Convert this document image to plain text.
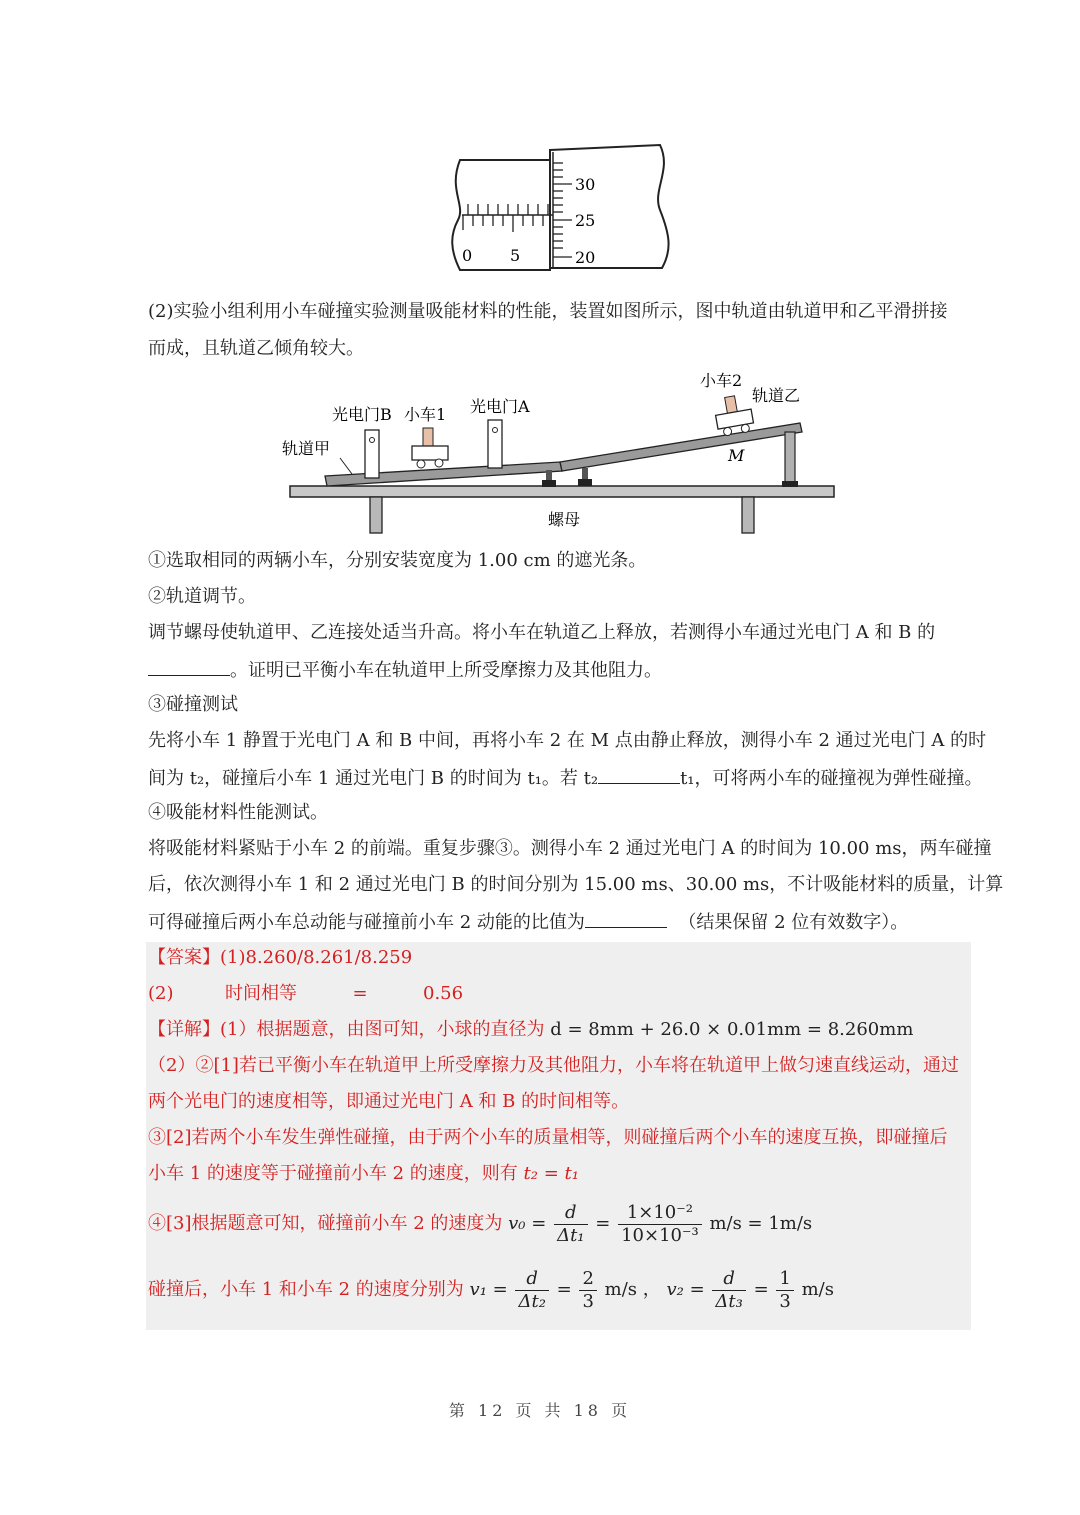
0 5
30
25
20
(2)实验小组利用小车碰撞实验测量吸能材料的性能，装置如图所示，图中轨道由轨道甲和乙平滑拼接
而成，且轨道乙倾角较大。
光电门B 小车1 光电门A
小车2
轨道乙
轨道甲	M
螺母
①选取相同的两辆小车，分别安装宽度为 1.00 cm 的遮光条。
②轨道调节。
调节螺母使轨道甲、乙连接处适当升高。将小车在轨道乙上释放，若测得小车通过光电门 A 和 B 的
。证明已平衡小车在轨道甲上所受摩擦力及其他阻力。
③碰撞测试
先将小车 1 静置于光电门 A 和 B 中间，再将小车 2 在 M 点由静止释放，测得小车 2 通过光电门 A 的时
间为 t₂，碰撞后小车 1 通过光电门 B 的时间为 t₁。若 t₂	t₁，可将两小车的碰撞视为弹性碰撞。
④吸能材料性能测试。
将吸能材料紧贴于小车 2 的前端。重复步骤③。测得小车 2 通过光电门 A 的时间为 10.00 ms，两车碰撞
后，依次测得小车 1 和 2 通过光电门 B 的时间分别为 15.00 ms、30.00 ms，不计吸能材料的质量，计算
可得碰撞后两小车总动能与碰撞前小车 2 动能的比值为	（结果保留 2 位有效数字）。
【答案】(1)8.260/8.261/8.259
(2)	时间相等	=	0.56
【详解】(1）根据题意，由图可知，小球的直径为 d = 8mm + 26.0 × 0.01mm = 8.260mm
（2）②[1]若已平衡小车在轨道甲上所受摩擦力及其他阻力，小车将在轨道甲上做匀速直线运动，通过
两个光电门的速度相等，即通过光电门 A 和 B 的时间相等。
③[2]若两个小车发生弹性碰撞，由于两个小车的质量相等，则碰撞后两个小车的速度互换，即碰撞后
小车 1 的速度等于碰撞前小车 2 的速度，则有 t₂ = t₁
④[3]根据题意可知，碰撞前小车 2 的速度为 $v_0 = \frac{d}{\text{Δt₁}} = \frac{\text{1×10⁻²}}{\text{10×10⁻³}} m/s = 1m/s$
碰撞后，小车 1 和小车 2 的速度分别为 $v_1 = \frac{d}{\text{Δt₂}} = \frac{2}{3} m/s$ ， $v_2 = \frac{d}{\text{Δt₃}} = \frac{1}{3} m/s$
第 12 页 共 18 页
